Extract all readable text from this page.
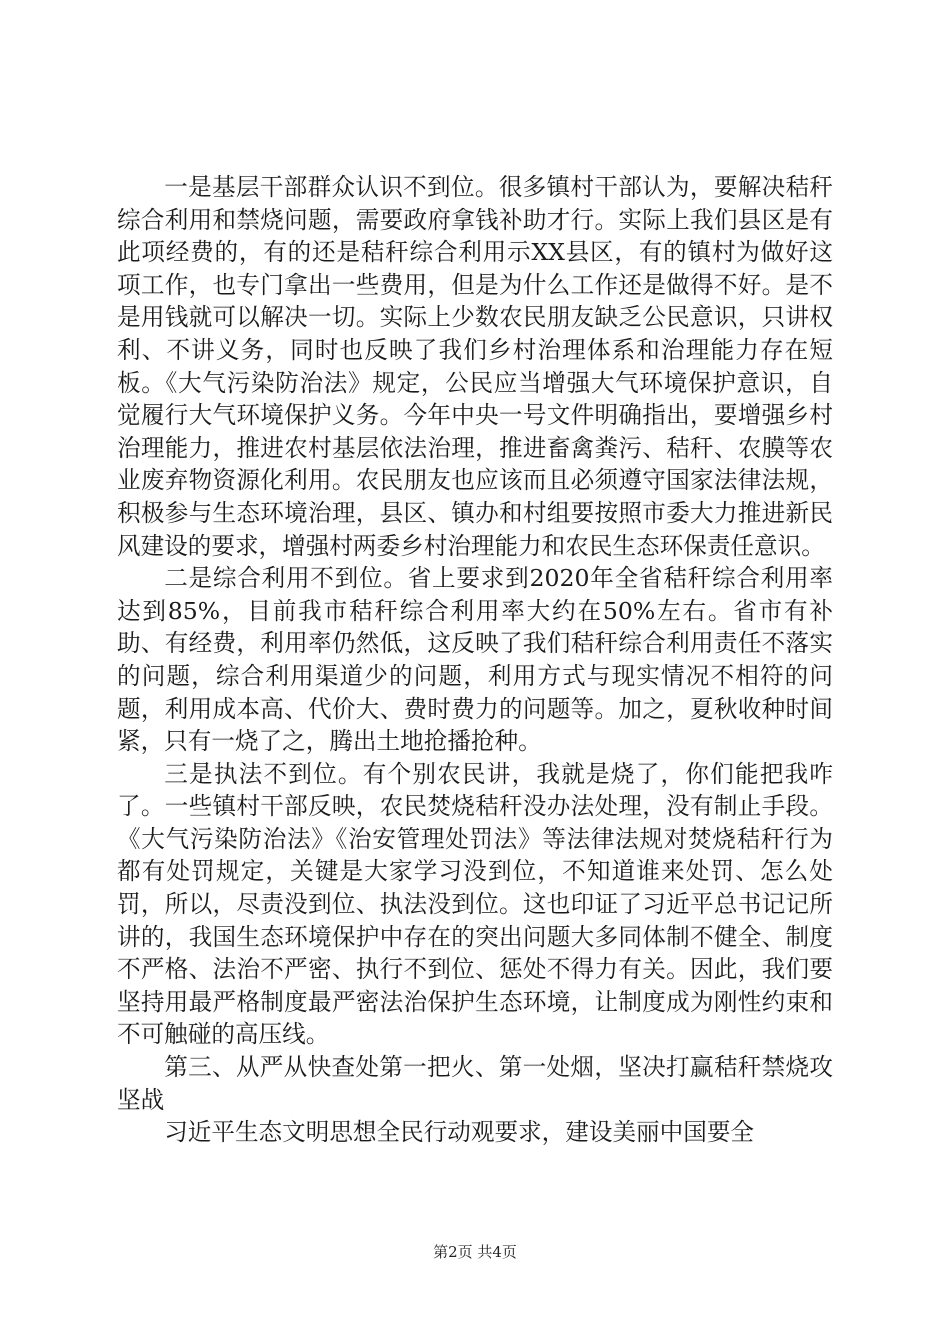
一是基层干部群众认识不到位。很多镇村干部认为，要解决秸秆综合利用和禁烧问题，需要政府拿钱补助才行。实际上我们县区是有此项经费的，有的还是秸秆综合利用示XX县区，有的镇村为做好这项工作，也专门拿出一些费用，但是为什么工作还是做得不好。是不是用钱就可以解决一切。实际上少数农民朋友缺乏公民意识，只讲权利、不讲义务，同时也反映了我们乡村治理体系和治理能力存在短板。《大气污染防治法》规定，公民应当增强大气环境保护意识，自觉履行大气环境保护义务。今年中央一号文件明确指出，要增强乡村治理能力，推进农村基层依法治理，推进畜禽粪污、秸秆、农膜等农业废弃物资源化利用。农民朋友也应该而且必须遵守国家法律法规，积极参与生态环境治理，县区、镇办和村组要按照市委大力推进新民风建设的要求，增强村两委乡村治理能力和农民生态环保责任意识。

二是综合利用不到位。省上要求到2020年全省秸秆综合利用率达到85%，目前我市秸秆综合利用率大约在50%左右。省市有补助、有经费，利用率仍然低，这反映了我们秸秆综合利用责任不落实的问题，综合利用渠道少的问题，利用方式与现实情况不相符的问题，利用成本高、代价大、费时费力的问题等。加之，夏秋收种时间紧，只有一烧了之，腾出土地抢播抢种。

三是执法不到位。有个别农民讲，我就是烧了，你们能把我咋了。一些镇村干部反映，农民焚烧秸秆没办法处理，没有制止手段。《大气污染防治法》《治安管理处罚法》等法律法规对焚烧秸秆行为都有处罚规定，关键是大家学习没到位，不知道谁来处罚、怎么处罚，所以，尽责没到位、执法没到位。这也印证了习近平总书记记所讲的，我国生态环境保护中存在的突出问题大多同体制不健全、制度不严格、法治不严密、执行不到位、惩处不得力有关。因此，我们要坚持用最严格制度最严密法治保护生态环境，让制度成为刚性约束和不可触碰的高压线。

第三、从严从快查处第一把火、第一处烟，坚决打赢秸秆禁烧攻坚战

习近平生态文明思想全民行动观要求，建设美丽中国要全

第2页 共4页
